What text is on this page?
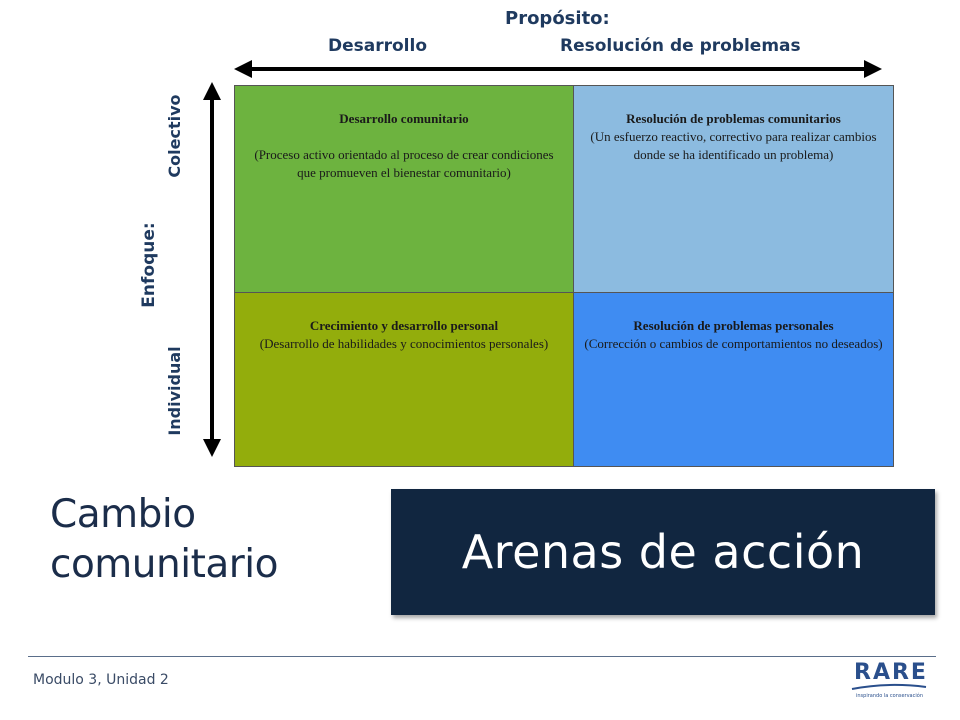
Propósito:
Desarrollo	Resolución de problemas
Colectivo
Enfoque:
Individual
Desarrollo comunitario
(Proceso activo orientado al proceso de crear condiciones que promueven el bienestar comunitario)
Resolución de problemas comunitarios
(Un esfuerzo reactivo, correctivo para realizar cambios donde se ha identificado un problema)
Crecimiento y desarrollo personal
(Desarrollo de habilidades y conocimientos personales)
Resolución de problemas personales
(Corrección o cambios de comportamientos no deseados)
Cambio
comunitario	Arenas de acción
Modulo 3, Unidad 2	RARE
inspirando la conservación
